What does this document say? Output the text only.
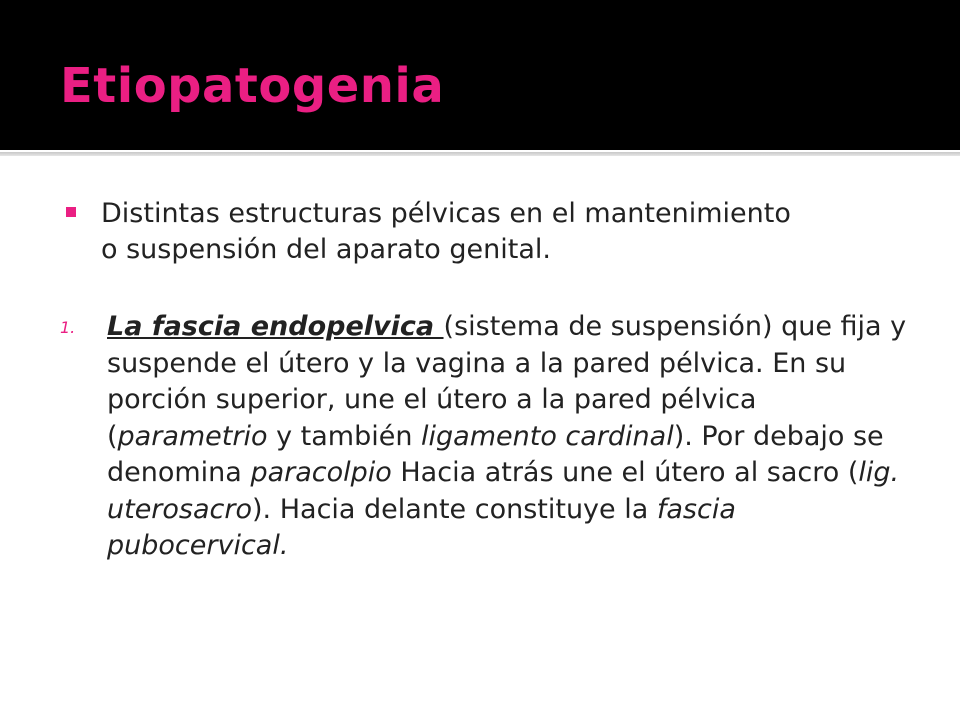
Etiopatogenia
Distintas estructuras pélvicas en el mantenimiento o suspensión del aparato genital.
1. La fascia endopelvica (sistema de suspensión) que fija y suspende el útero y la vagina a la pared pélvica. En su porción superior, une el útero a la pared pélvica (parametrio y también ligamento cardinal). Por debajo se denomina paracolpio Hacia atrás une el útero al sacro (lig. uterosacro). Hacia delante constituye la fascia pubocervical.
